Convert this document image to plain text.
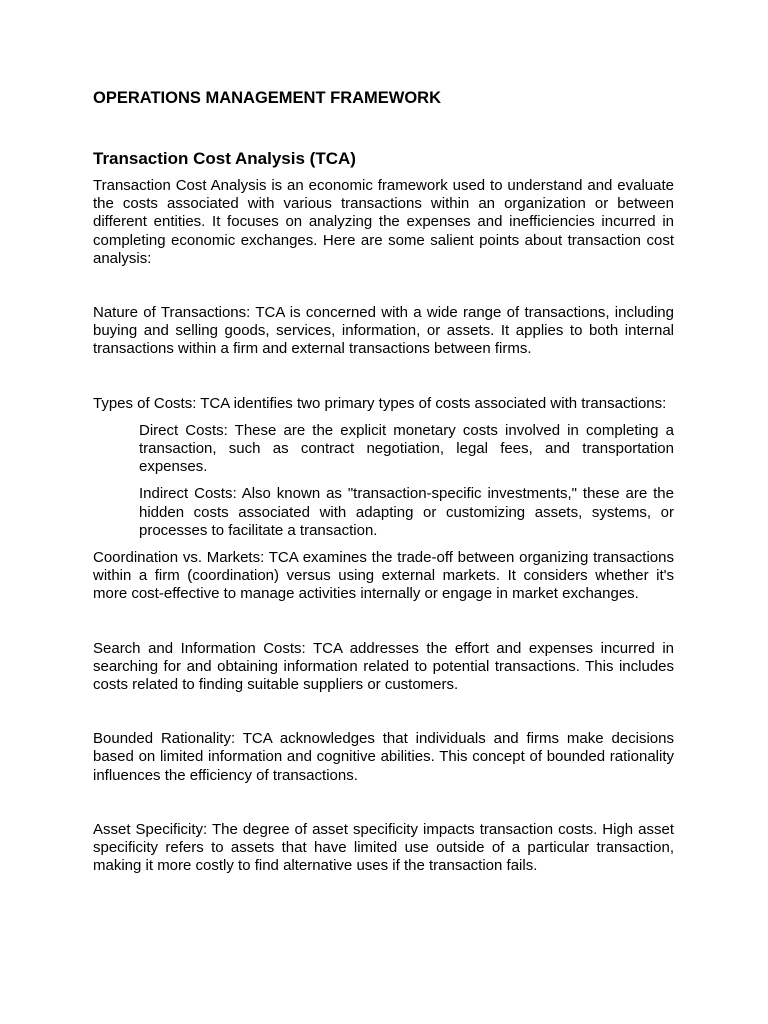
OPERATIONS MANAGEMENT FRAMEWORK
Transaction Cost Analysis (TCA)

Transaction Cost Analysis is an economic framework used to understand and evaluate the costs associated with various transactions within an organization or between different entities. It focuses on analyzing the expenses and inefficiencies incurred in completing economic exchanges. Here are some salient points about transaction cost analysis:

Nature of Transactions: TCA is concerned with a wide range of transactions, including buying and selling goods, services, information, or assets. It applies to both internal transactions within a firm and external transactions between firms.

Types of Costs: TCA identifies two primary types of costs associated with transactions:

Direct Costs: These are the explicit monetary costs involved in completing a transaction, such as contract negotiation, legal fees, and transportation expenses.

Indirect Costs: Also known as "transaction-specific investments," these are the hidden costs associated with adapting or customizing assets, systems, or processes to facilitate a transaction.

Coordination vs. Markets: TCA examines the trade-off between organizing transactions within a firm (coordination) versus using external markets. It considers whether it's more cost-effective to manage activities internally or engage in market exchanges.

Search and Information Costs: TCA addresses the effort and expenses incurred in searching for and obtaining information related to potential transactions. This includes costs related to finding suitable suppliers or customers.

Bounded Rationality: TCA acknowledges that individuals and firms make decisions based on limited information and cognitive abilities. This concept of bounded rationality influences the efficiency of transactions.

Asset Specificity: The degree of asset specificity impacts transaction costs. High asset specificity refers to assets that have limited use outside of a particular transaction, making it more costly to find alternative uses if the transaction fails.
